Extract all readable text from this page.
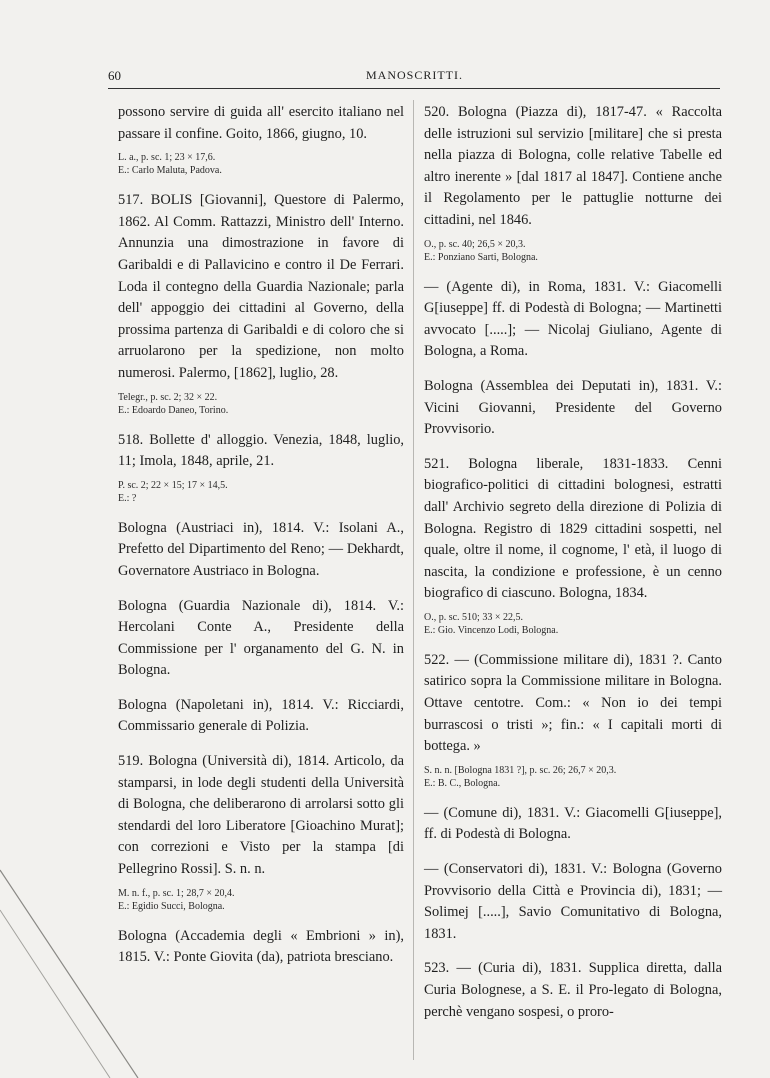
60	MANOSCRITTI.

possono servire di guida all' esercito italiano nel passare il confine. Goito, 1866, giugno, 10.

L. a., p. sc. 1; 23 × 17,6.
E.: Carlo Maluta, Padova.

517. BOLIS [Giovanni], Questore di Palermo, 1862. Al Comm. Rattazzi, Ministro dell' Interno. Annunzia una dimostrazione in favore di Garibaldi e di Pallavicino e contro il De Ferrari. Loda il contegno della Guardia Nazionale; parla dell' appoggio dei cittadini al Governo, della prossima partenza di Garibaldi e di coloro che si arruolarono per la spedizione, non molto numerosi. Palermo, [1862], luglio, 28.

Telegr., p. sc. 2; 32 × 22.
E.: Edoardo Daneo, Torino.

518. Bollette d' alloggio. Venezia, 1848, luglio, 11; Imola, 1848, aprile, 21.

P. sc. 2; 22 × 15; 17 × 14,5.
E.: ?

Bologna (Austriaci in), 1814. V.: Isolani A., Prefetto del Dipartimento del Reno; — Dekhardt, Governatore Austriaco in Bologna.

Bologna (Guardia Nazionale di), 1814. V.: Hercolani Conte A., Presidente della Commissione per l' organamento del G. N. in Bologna.

Bologna (Napoletani in), 1814. V.: Ricciardi, Commissario generale di Polizia.

519. Bologna (Università di), 1814. Articolo, da stamparsi, in lode degli studenti della Università di Bologna, che deliberarono di arrolarsi sotto gli stendardi del loro Liberatore [Gioachino Murat]; con correzioni e Visto per la stampa [di Pellegrino Rossi]. S. n. n.

M. n. f., p. sc. 1; 28,7 × 20,4.
E.: Egidio Succi, Bologna.

Bologna (Accademia degli « Embrioni » in), 1815. V.: Ponte Giovita (da), patriota bresciano.

520. Bologna (Piazza di), 1817-47. « Raccolta delle istruzioni sul servizio [militare] che si presta nella piazza di Bologna, colle relative Tabelle ed altro inerente » [dal 1817 al 1847]. Contiene anche il Regolamento per le pattuglie notturne dei cittadini, nel 1846.

O., p. sc. 40; 26,5 × 20,3.
E.: Ponziano Sarti, Bologna.

— (Agente di), in Roma, 1831. V.: Giacomelli G[iuseppe] ff. di Podestà di Bologna; — Martinetti avvocato [.....]; — Nicolaj Giuliano, Agente di Bologna, a Roma.

Bologna (Assemblea dei Deputati in), 1831. V.: Vicini Giovanni, Presidente del Governo Provvisorio.

521. Bologna liberale, 1831-1833. Cenni biografico-politici di cittadini bolognesi, estratti dall' Archivio segreto della direzione di Polizia di Bologna. Registro di 1829 cittadini sospetti, nel quale, oltre il nome, il cognome, l' età, il luogo di nascita, la condizione e professione, è un cenno biografico di ciascuno. Bologna, 1834.

O., p. sc. 510; 33 × 22,5.
E.: Gio. Vincenzo Lodi, Bologna.

522. — (Commissione militare di), 1831 ?. Canto satirico sopra la Commissione militare in Bologna. Ottave centotre. Com.: « Non io dei tempi burrascosi o tristi »; fin.: « I capitali morti di bottega. »

S. n. n. [Bologna 1831 ?], p. sc. 26; 26,7 × 20,3.
E.: B. C., Bologna.

— (Comune di), 1831. V.: Giacomelli G[iuseppe], ff. di Podestà di Bologna.

— (Conservatori di), 1831. V.: Bologna (Governo Provvisorio della Città e Provincia di), 1831; — Solimej [.....], Savio Comunitativo di Bologna, 1831.

523. — (Curia di), 1831. Supplica diretta, dalla Curia Bolognese, a S. E. il Pro-legato di Bologna, perchè vengano sospesi, o proro-
